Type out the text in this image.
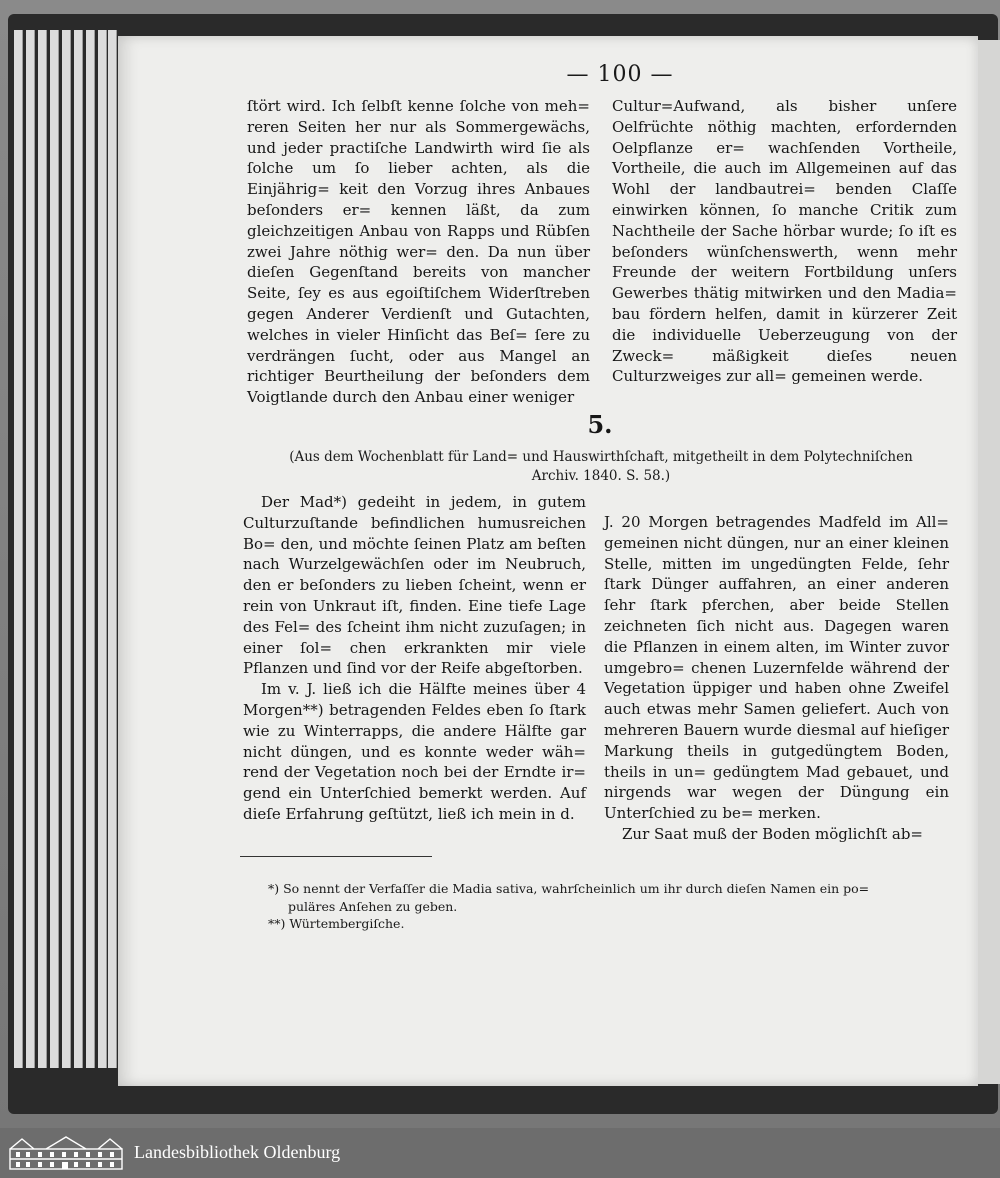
— 100 —

ſtört wird. Ich ſelbſt kenne ſolche von meh= reren Seiten her nur als Sommergewächs, und jeder practiſche Landwirth wird ſie als ſolche um ſo lieber achten, als die Einjährig= keit den Vorzug ihres Anbaues beſonders er= kennen läßt, da zum gleichzeitigen Anbau von Rapps und Rübſen zwei Jahre nöthig wer= den. Da nun über dieſen Gegenſtand bereits von mancher Seite, ſey es aus egoiſtiſchem Widerſtreben gegen Anderer Verdienſt und Gutachten, welches in vieler Hinſicht das Beſ= ſere zu verdrängen ſucht, oder aus Mangel an richtiger Beurtheilung der beſonders dem Voigtlande durch den Anbau einer weniger

Cultur=Aufwand, als bisher unſere Oelfrüchte nöthig machten, erfordernden Oelpflanze er= wachſenden Vortheile, Vortheile, die auch im Allgemeinen auf das Wohl der landbautrei= benden Claſſe einwirken können, ſo manche Critik zum Nachtheile der Sache hörbar wurde; ſo iſt es beſonders wünſchenswerth, wenn mehr Freunde der weitern Fortbildung unſers Gewerbes thätig mitwirken und den Madia= bau fördern helfen, damit in kürzerer Zeit die individuelle Ueberzeugung von der Zweck= mäßigkeit dieſes neuen Culturzweiges zur all= gemeinen werde.

5.
(Aus dem Wochenblatt für Land= und Hauswirthſchaft, mitgetheilt in dem Polytechniſchen Archiv. 1840. S. 58.)

Der Mad*) gedeiht in jedem, in gutem Culturzuſtande befindlichen humusreichen Bo= den, und möchte ſeinen Platz am beſten nach Wurzelgewächſen oder im Neubruch, den er beſonders zu lieben ſcheint, wenn er rein von Unkraut iſt, finden. Eine tiefe Lage des Fel= des ſcheint ihm nicht zuzuſagen; in einer ſol= chen erkrankten mir viele Pflanzen und ſind vor der Reife abgeſtorben.

Im v. J. ließ ich die Hälfte meines über 4 Morgen**) betragenden Feldes eben ſo ſtark wie zu Winterrapps, die andere Hälfte gar nicht düngen, und es konnte weder wäh= rend der Vegetation noch bei der Erndte ir= gend ein Unterſchied bemerkt werden. Auf dieſe Erfahrung geſtützt, ließ ich mein in d.

J. 20 Morgen betragendes Madfeld im All= gemeinen nicht düngen, nur an einer kleinen Stelle, mitten im ungedüngten Felde, ſehr ſtark Dünger auffahren, an einer anderen ſehr ſtark pferchen, aber beide Stellen zeichneten ſich nicht aus. Dagegen waren die Pflanzen in einem alten, im Winter zuvor umgebro= chenen Luzernfelde während der Vegetation üppiger und haben ohne Zweifel auch etwas mehr Samen geliefert. Auch von mehreren Bauern wurde diesmal auf hieſiger Markung theils in gutgedüngtem Boden, theils in un= gedüngtem Mad gebauet, und nirgends war wegen der Düngung ein Unterſchied zu be= merken.

Zur Saat muß der Boden möglichſt ab=

*) So nennt der Verfaſſer die Madia sativa, wahrſcheinlich um ihr durch dieſen Namen ein po=
puläres Anſehen zu geben.
**) Würtembergiſche.
Landesbibliothek Oldenburg
